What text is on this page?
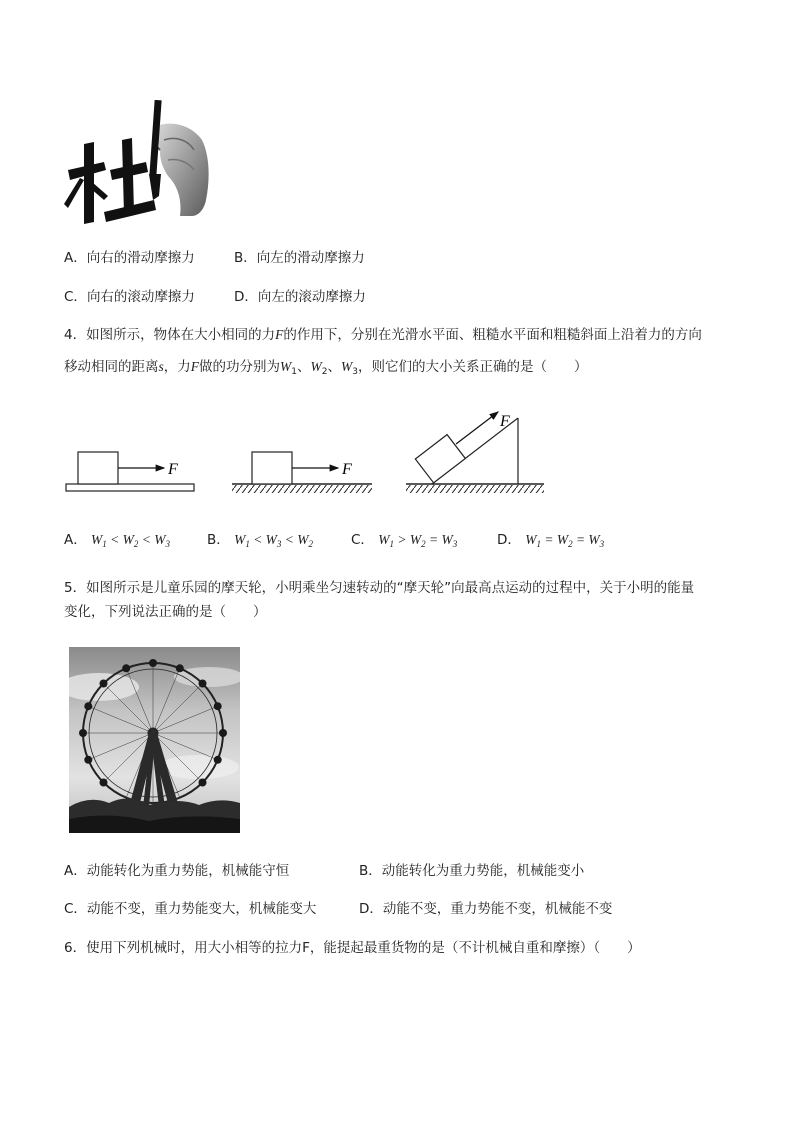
A．向右的滑动摩擦力	B．向左的滑动摩擦力
C．向右的滚动摩擦力	D．向左的滚动摩擦力
4．如图所示，物体在大小相同的力F的作用下，分别在光滑水平面、粗糙水平面和粗糙斜面上沿着力的方向
移动相同的距离s，力F做的功分别为$W_1$、$W_2$、$W_3$，则它们的大小关系正确的是（　　）
F	F
F
A． $W_1 < W_2 < W_3$	B． $W_1 < W_3 < W_2$	C． $W_1 > W_2 = W_3$	D． $W_1 = W_2 = W_3$
5．如图所示是儿童乐园的摩天轮，小明乘坐匀速转动的“摩天轮”向最高点运动的过程中，关于小明的能量
变化，下列说法正确的是（　　）
A．动能转化为重力势能，机械能守恒	B．动能转化为重力势能，机械能变小
C．动能不变，重力势能变大，机械能变大	D．动能不变，重力势能不变，机械能不变
6．使用下列机械时，用大小相等的拉力F，能提起最重货物的是（不计机械自重和摩擦）（　　）
